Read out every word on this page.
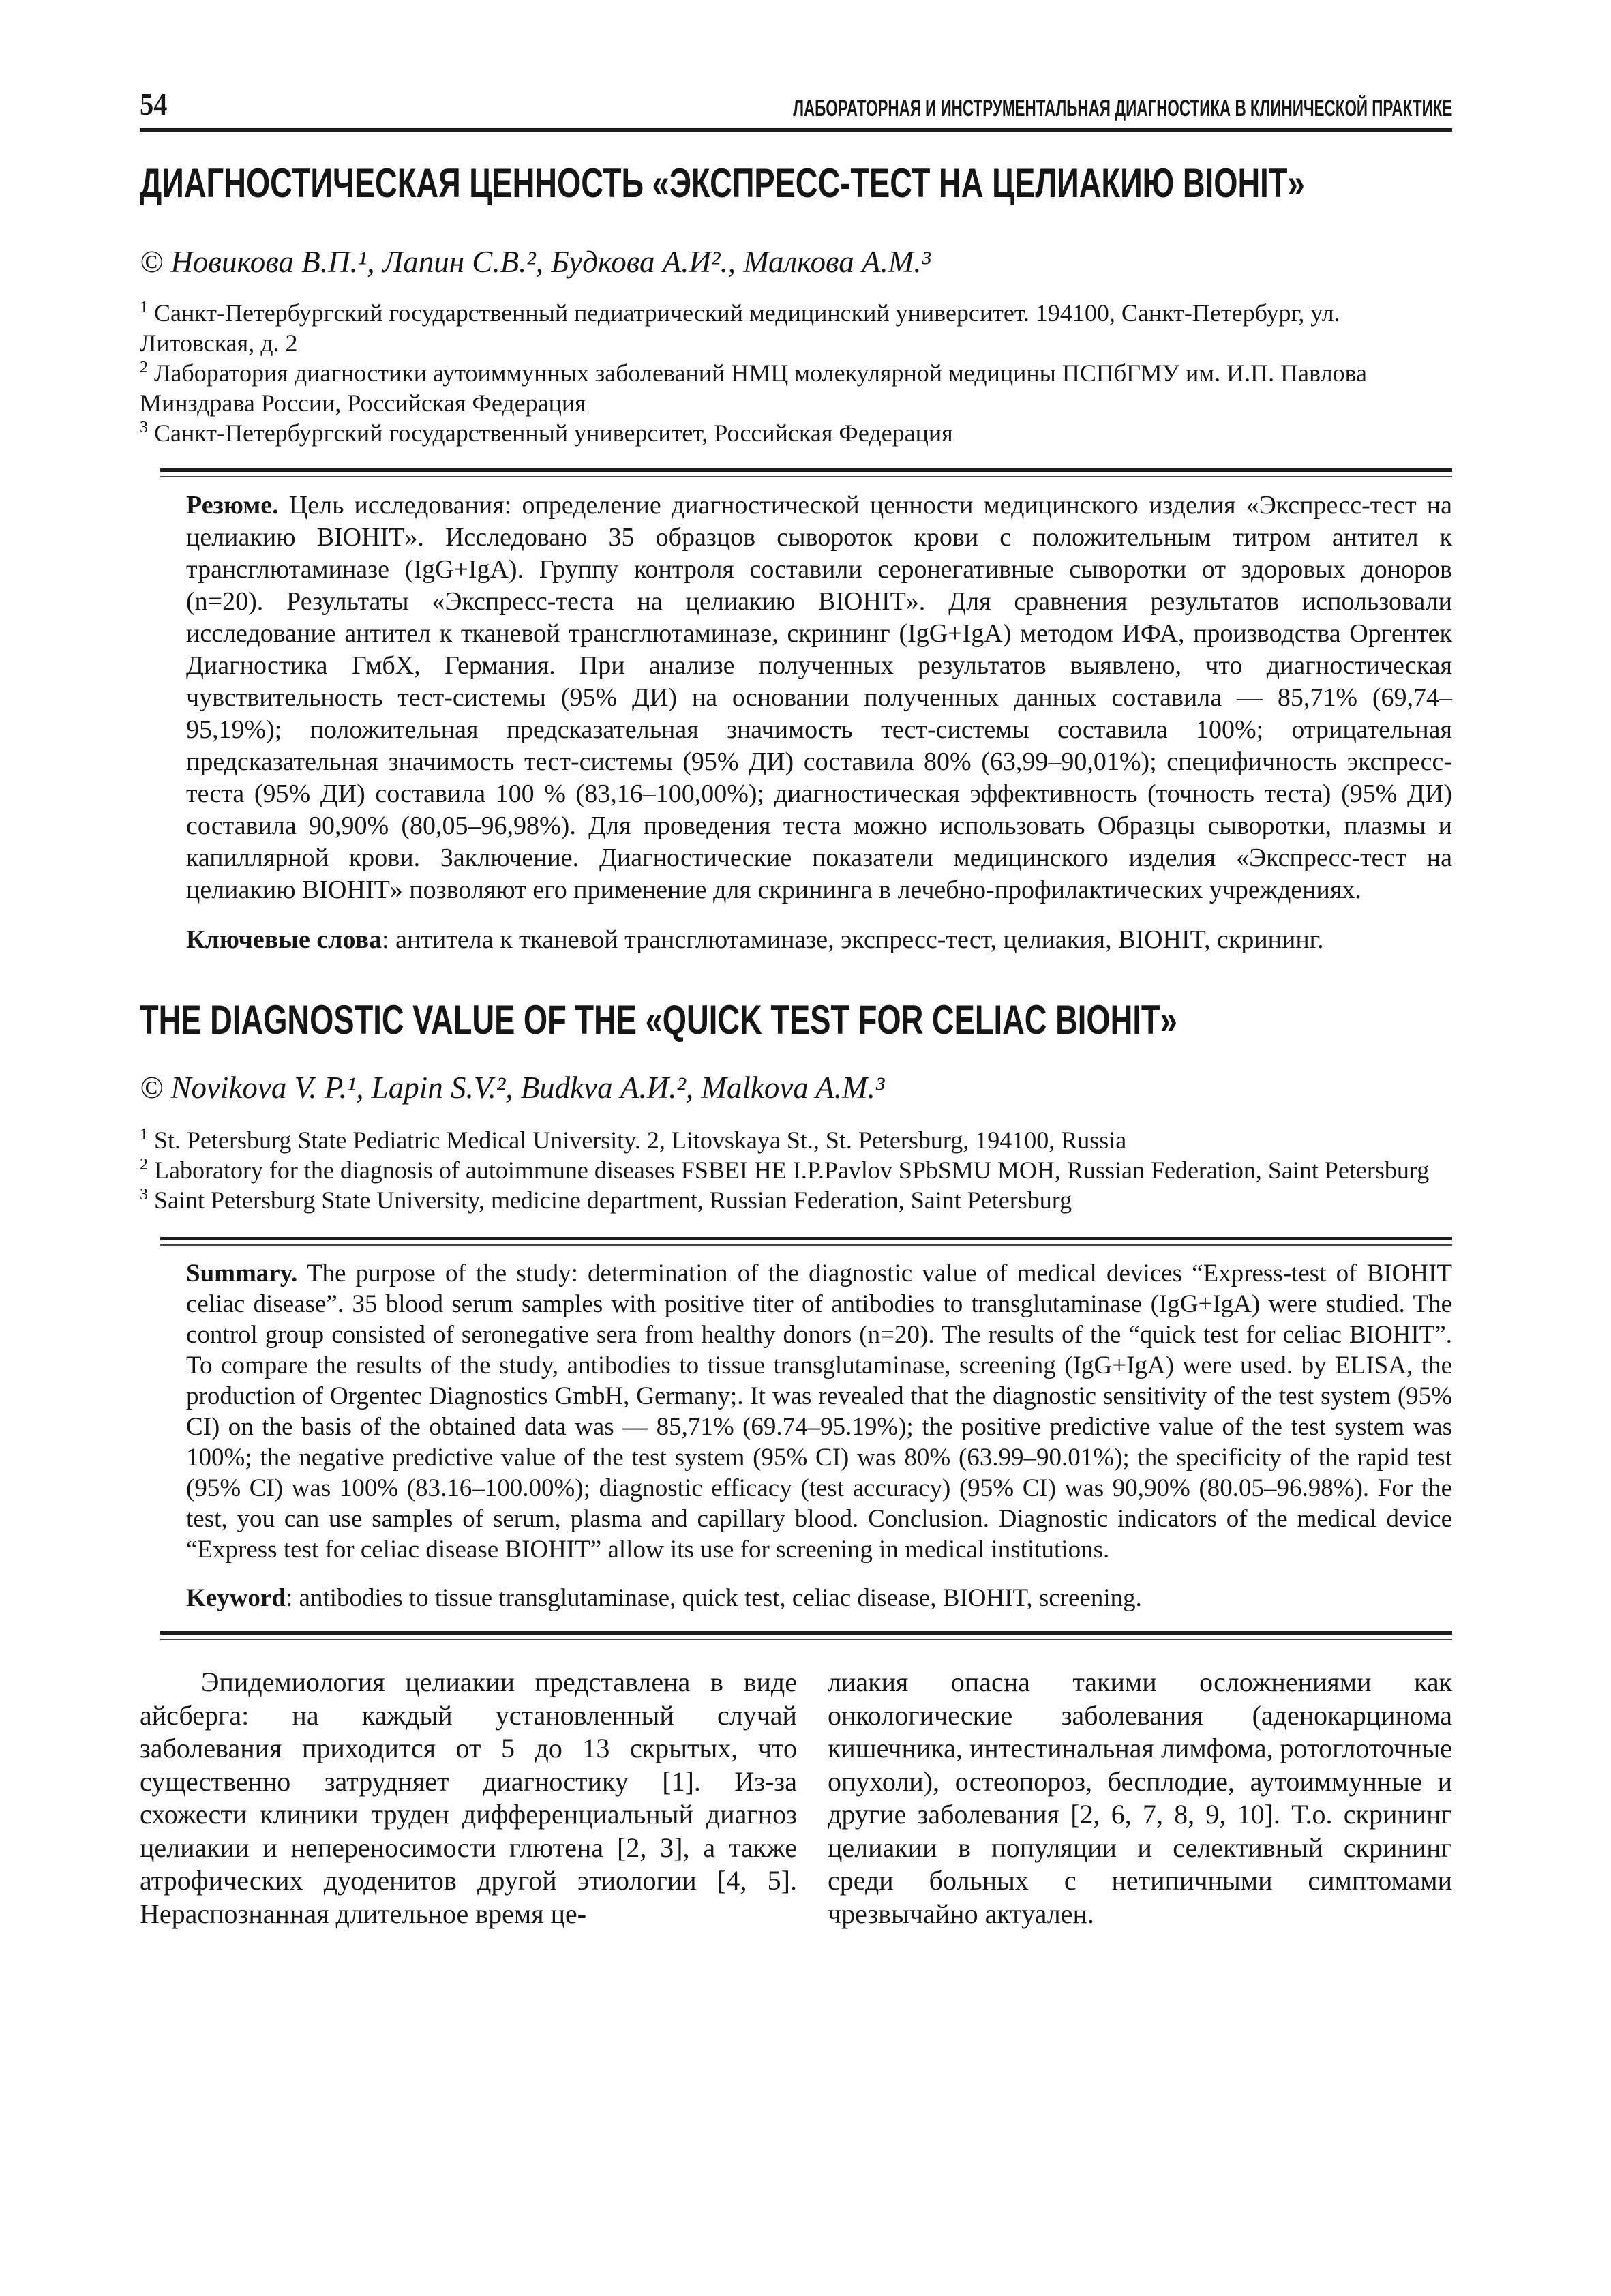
54	ЛАБОРАТОРНАЯ И ИНСТРУМЕНТАЛЬНАЯ ДИАГНОСТИКА В КЛИНИЧЕСКОЙ ПРАКТИКЕ
ДИАГНОСТИЧЕСКАЯ ЦЕННОСТЬ «ЭКСПРЕСС-ТЕСТ НА ЦЕЛИАКИЮ BIOHIT»
© Новикова В.П.¹, Лапин С.В.², Будкова А.И²., Малкова А.М.³

$^1$ Санкт-Петербургский государственный педиатрический медицинский университет. 194100, Санкт-Петербург, ул. Литовская, д. 2

$^2$ Лаборатория диагностики аутоиммунных заболеваний НМЦ молекулярной медицины ПСПбГМУ им. И.П. Павлова Минздрава России, Российская Федерация

$^3$ Санкт-Петербургский государственный университет, Российская Федерация

Резюме. Цель исследования: определение диагностической ценности медицинского изделия «Экспресс-тест на целиакию BIOHIT». Исследовано 35 образцов сывороток крови с положительным титром антител к трансглютаминазе (IgG+IgA). Группу контроля составили серонегативные сыворотки от здоровых доноров (n=20). Результаты «Экспресс-теста на целиакию BIOHIT». Для сравнения результатов использовали исследование антител к тканевой трансглютаминазе, скрининг (IgG+IgA) методом ИФА, производства Оргентек Диагностика ГмбХ, Германия. При анализе полученных результатов выявлено, что диагностическая чувствительность тест-системы (95% ДИ) на основании полученных данных составила — 85,71% (69,74–95,19%); положительная предсказательная значимость тест-системы составила 100%; отрицательная предсказательная значимость тест-системы (95% ДИ) составила 80% (63,99–90,01%); специфичность экспресс-теста (95% ДИ) составила 100 % (83,16–100,00%); диагностическая эффективность (точность теста) (95% ДИ) составила 90,90% (80,05–96,98%). Для проведения теста можно использовать Образцы сыворотки, плазмы и капиллярной крови. Заключение. Диагностические показатели медицинского изделия «Экспресс-тест на целиакию BIOHIT» позволяют его применение для скрининга в лечебно-профилактических учреждениях.

Ключевые слова: антитела к тканевой трансглютаминазе, экспресс-тест, целиакия, BIOHIT, скрининг.

THE DIAGNOSTIC VALUE OF THE «QUICK TEST FOR CELIAC BIOHIT»
© Novikova V. P.¹, Lapin S.V.², Budkva А.И.², Malkova A.M.³

$^1$ St. Petersburg State Pediatric Medical University. 2, Litovskaya St., St. Petersburg, 194100, Russia

$^2$ Laboratory for the diagnosis of autoimmune diseases FSBEI HE I.P.Pavlov SPbSMU MOH, Russian Federation, Saint Petersburg

$^3$ Saint Petersburg State University, medicine department, Russian Federation, Saint Petersburg

Summary. The purpose of the study: determination of the diagnostic value of medical devices “Express-test of BIOHIT celiac disease”. 35 blood serum samples with positive titer of antibodies to transglutaminase (IgG+IgA) were studied. The control group consisted of seronegative sera from healthy donors (n=20). The results of the “quick test for celiac BIOHIT”. To compare the results of the study, antibodies to tissue transglutaminase, screening (IgG+IgA) were used. by ELISA, the production of Orgentec Diagnostics GmbH, Germany;. It was revealed that the diagnostic sensitivity of the test system (95% CI) on the basis of the obtained data was — 85,71% (69.74–95.19%); the positive predictive value of the test system was 100%; the negative predictive value of the test system (95% CI) was 80% (63.99–90.01%); the specificity of the rapid test (95% CI) was 100% (83.16–100.00%); diagnostic efficacy (test accuracy) (95% CI) was 90,90% (80.05–96.98%). For the test, you can use samples of serum, plasma and capillary blood. Conclusion. Diagnostic indicators of the medical device “Express test for celiac disease BIOHIT” allow its use for screening in medical institutions.

Keyword: antibodies to tissue transglutaminase, quick test, celiac disease, BIOHIT, screening.

Эпидемиология целиакии представлена в виде айсберга: на каждый установленный случай заболевания приходится от 5 до 13 скрытых, что существенно затрудняет диагностику [1]. Из-за схожести клиники труден дифференциальный диагноз целиакии и непереносимости глютена [2, 3], а также атрофических дуоденитов другой этиологии [4, 5]. Нераспознанная длительное время це-

лиакия опасна такими осложнениями как онкологические заболевания (аденокарцинома кишечника, интестинальная лимфома, ротоглоточные опухоли), остеопороз, бесплодие, аутоиммунные и другие заболевания [2, 6, 7, 8, 9, 10]. Т.о. скрининг целиакии в популяции и селективный скрининг среди больных с нетипичными симптомами чрезвычайно актуален.
